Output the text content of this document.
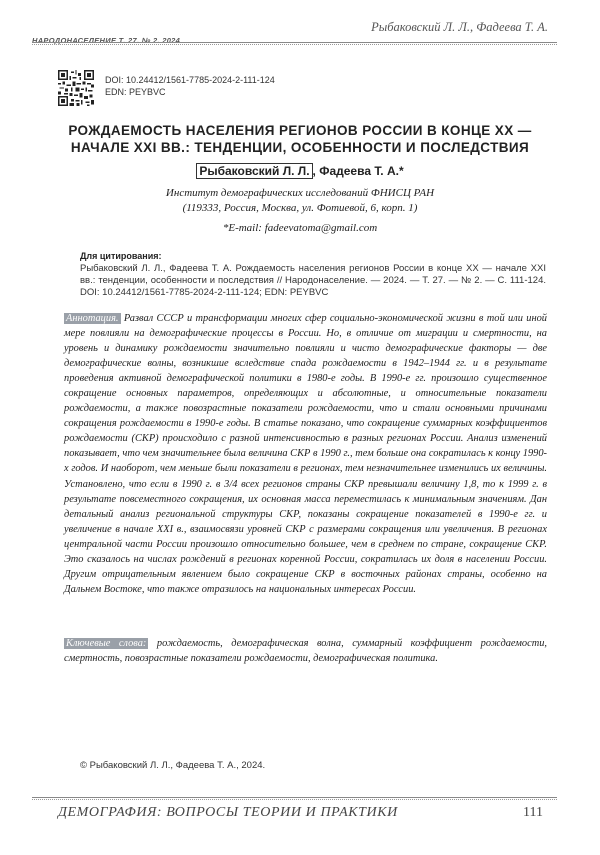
НАРОДОНАСЕЛЕНИЕ Т. 27. № 2. 2024
Рыбаковский Л. Л., Фадеева Т. А.
DOI: 10.24412/1561-7785-2024-2-111-124
EDN: PEYBVC
РОЖДАЕМОСТЬ НАСЕЛЕНИЯ РЕГИОНОВ РОССИИ В КОНЦЕ XX —
НАЧАЛЕ XXI ВВ.: ТЕНДЕНЦИИ, ОСОБЕННОСТИ И ПОСЛЕДСТВИЯ
Рыбаковский Л. Л. , Фадеева Т. А.*
Институт демографических исследований ФНИСЦ РАН
(119333, Россия, Москва, ул. Фотиевой, 6, корп. 1)
*E-mail: fadeevatoma@gmail.com
Для цитирования:
Рыбаковский Л. Л., Фадеева Т. А. Рождаемость населения регионов России в конце XX — начале XXI вв.: тенденции, особенности и последствия // Народонаселение. — 2024. — Т. 27. — № 2. — С. 111-124. DOI: 10.24412/1561-7785-2024-2-111-124; EDN: PEYBVC
Аннотация. Развал СССР и трансформации многих сфер социально-экономической жизни в той или иной мере повлияли на демографические процессы в России. Но, в отличие от миграции и смертности, на уровень и динамику рождаемости значительно повлияли и чисто демографические факторы — две демографические волны, возникшие вследствие спада рождаемости в 1942–1944 гг. и в результате проведения активной демографической политики в 1980-е годы. В 1990-е гг. произошло существенное сокращение основных параметров, определяющих и абсолютные, и относительные показатели рождаемости, а также повозрастные показатели рождаемости, что и стали основными причинами сокращения рождаемости в 1990-е годы. В статье показано, что сокращение суммарных коэффициентов рождаемости (СКР) происходило с разной интенсивностью в разных регионах России. Анализ изменений показывает, что чем значительнее была величина СКР в 1990 г., тем больше она сократилась к концу 1990-х годов. И наоборот, чем меньше были показатели в регионах, тем незначительнее изменились их величины. Установлено, что если в 1990 г. в 3/4 всех регионов страны СКР превышали величину 1,8, то к 1999 г. в результате повсеместного сокращения, их основная масса переместилась к минимальным значениям. Дан детальный анализ региональной структуры СКР, показаны сокращение показателей в 1990-е гг. и увеличение в начале XXI в., взаимосвязи уровней СКР с размерами сокращения или увеличения. В регионах центральной части России произошло относительно большее, чем в среднем по стране, сокращение СКР. Это сказалось на числах рождений в регионах коренной России, сократилась их доля в населении России. Другим отрицательным явлением было сокращение СКР в восточных районах страны, особенно на Дальнем Востоке, что также отразилось на национальных интересах России.
Ключевые слова: рождаемость, демографическая волна, суммарный коэффициент рождаемости, смертность, повозрастные показатели рождаемости, демографическая политика.
© Рыбаковский Л. Л., Фадеева Т. А., 2024.
ДЕМОГРАФИЯ: ВОПРОСЫ ТЕОРИИ И ПРАКТИКИ	111
